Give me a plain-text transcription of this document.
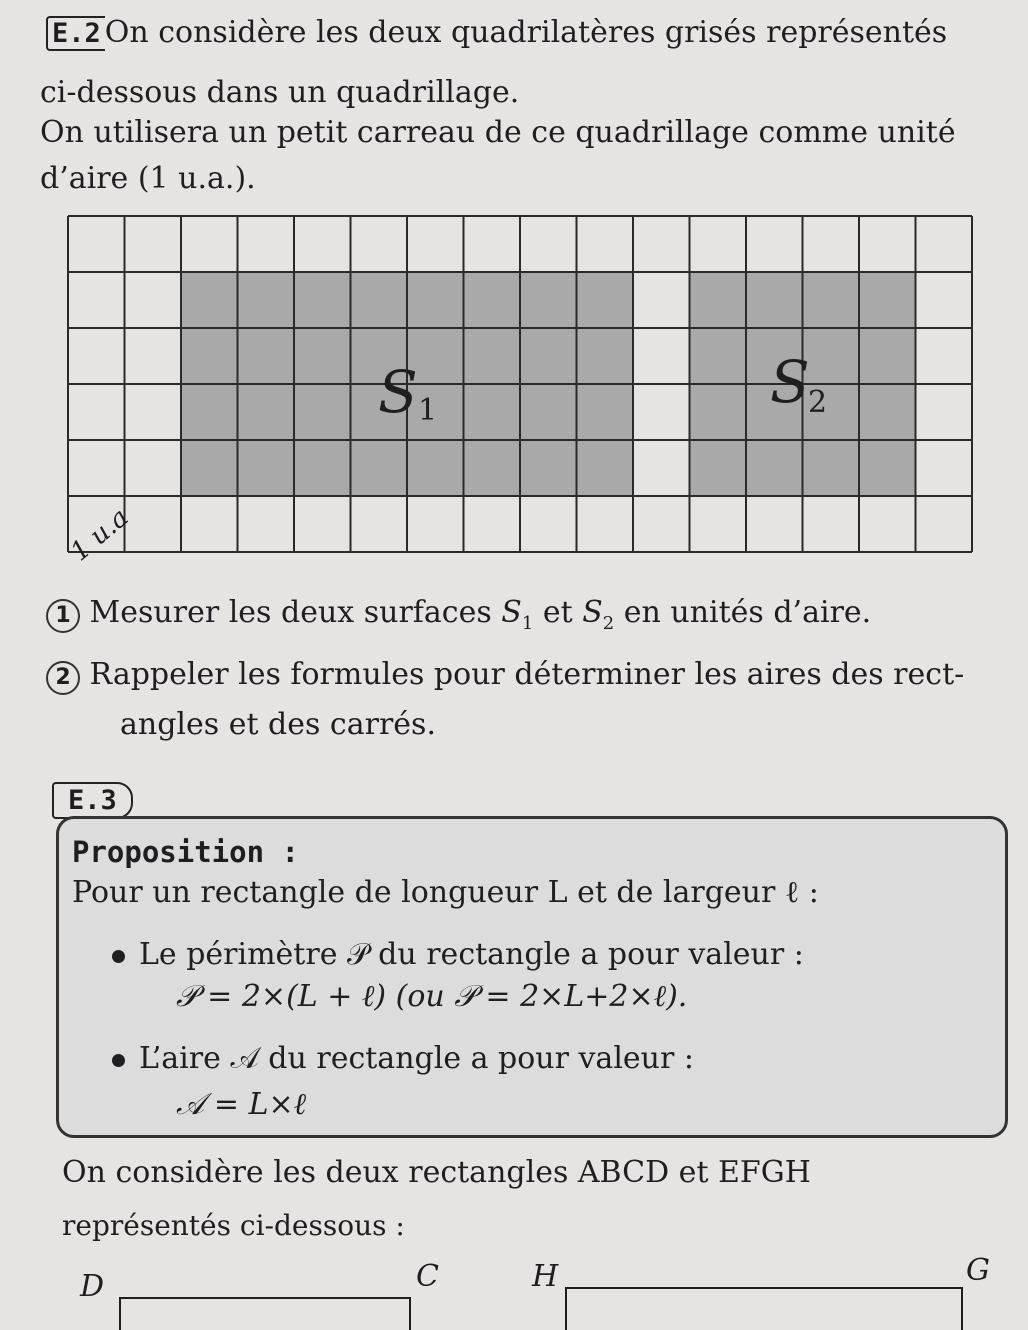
E.2 On considère les deux quadrilatères grisés représentés
ci-dessous dans un quadrillage.
On utilisera un petit carreau de ce quadrillage comme unité
d’aire (1 u.a.).
S 1	S
2
1 u.a
1 Mesurer les deux surfaces $S_1$ et $S_2$ en unités d’aire.
2 Rappeler les formules pour déterminer les aires des rect-
angles et des carrés.
E.3
Proposition :
Pour un rectangle de longueur L et de largeur ℓ :
Le périmètre 𝒫 du rectangle a pour valeur :
𝒫 = 2×(L + ℓ) (ou 𝒫 = 2×L+2×ℓ).
L’aire 𝒜 du rectangle a pour valeur :
𝒜 = L×ℓ
On considère les deux rectangles ABCD et EFGH
représentés ci-dessous :
D	C	H	G
